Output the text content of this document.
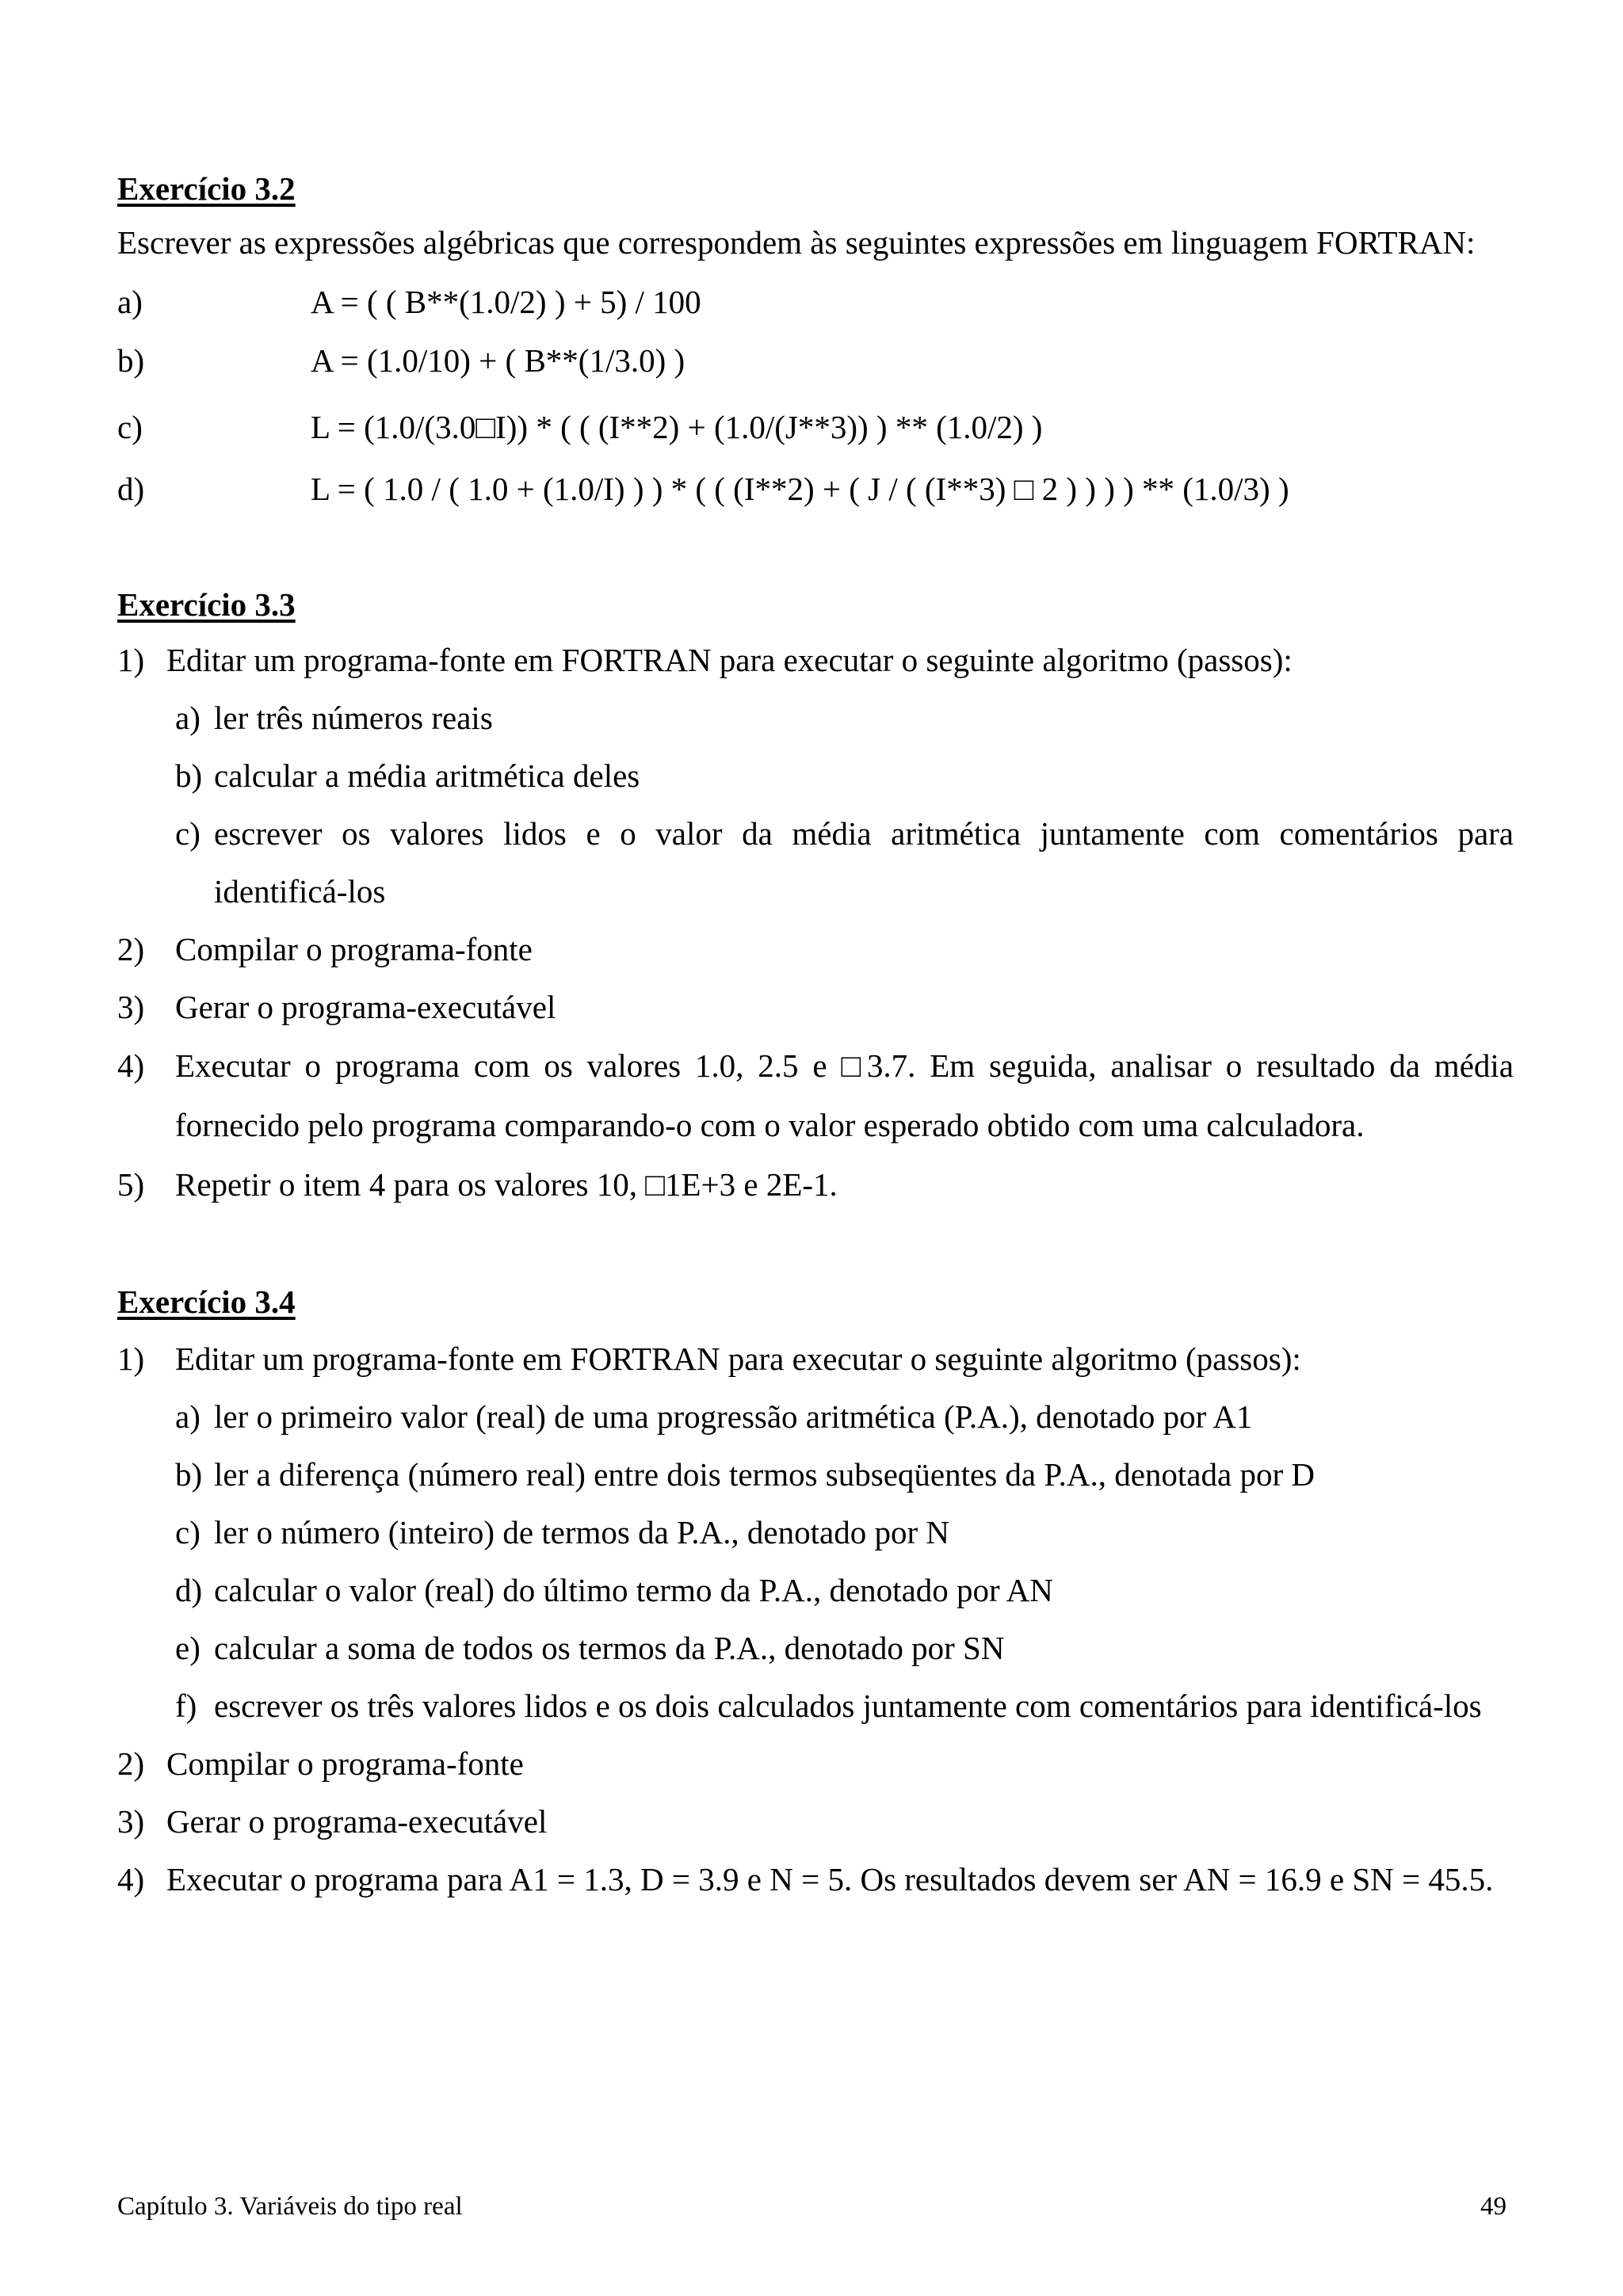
Exercício 3.2
Escrever as expressões algébricas que correspondem às seguintes expressões em linguagem FORTRAN:
a)	A = ( ( B**(1.0/2) ) + 5) / 100
b)	A = (1.0/10) + ( B**(1/3.0) )
c)	L = (1.0/(3.0□I)) * ( ( (I**2) + (1.0/(J**3)) ) ** (1.0/2) )
d)	L = ( 1.0 / ( 1.0 + (1.0/I) ) ) * ( ( (I**2) + ( J / ( (I**3) □ 2 ) ) ) ) ** (1.0/3) )
Exercício 3.3
1) Editar um programa-fonte em FORTRAN para executar o seguinte algoritmo (passos):
a) ler três números reais
b) calcular a média aritmética deles
c) escrever os valores lidos e o valor da média aritmética juntamente com comentários para
identificá-los
2) Compilar o programa-fonte
3) Gerar o programa-executável
4) Executar o programa com os valores 1.0, 2.5 e □3.7. Em seguida, analisar o resultado da média
fornecido pelo programa comparando-o com o valor esperado obtido com uma calculadora.
5) Repetir o item 4 para os valores 10, □1E+3 e 2E-1.
Exercício 3.4
1) Editar um programa-fonte em FORTRAN para executar o seguinte algoritmo (passos):
a) ler o primeiro valor (real) de uma progressão aritmética (P.A.), denotado por A1
b) ler a diferença (número real) entre dois termos subseqüentes da P.A., denotada por D
c) ler o número (inteiro) de termos da P.A., denotado por N
d) calcular o valor (real) do último termo da P.A., denotado por AN
e) calcular a soma de todos os termos da P.A., denotado por SN
f) escrever os três valores lidos e os dois calculados juntamente com comentários para identificá-los
2) Compilar o programa-fonte
3) Gerar o programa-executável
4) Executar o programa para A1 = 1.3, D = 3.9 e N = 5. Os resultados devem ser AN = 16.9 e SN = 45.5.
Capítulo 3. Variáveis do tipo real	49
